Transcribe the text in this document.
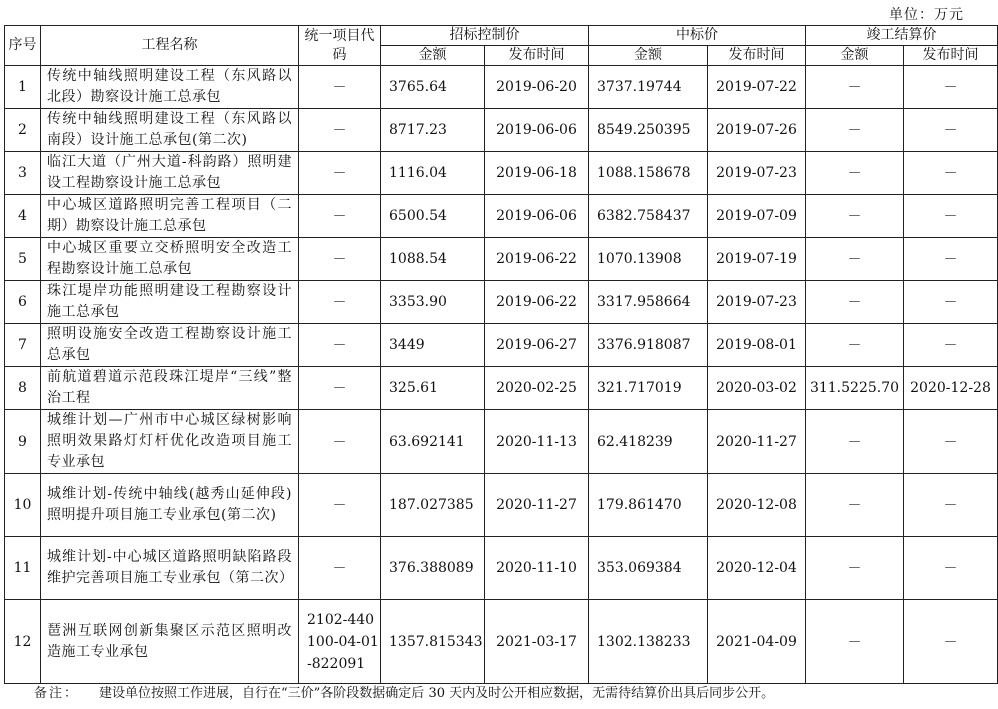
单位：万元
序号	工程名称	统一项目代码	招标控制价		中标价		竣工结算价	
			金额	发布时间	金额	发布时间	金额	发布时间
1	传统中轴线照明建设工程（东风路以北段）勘察设计施工总承包	－	3765.64	2019-06-20	3737.19744	2019-07-22	－	－
2	传统中轴线照明建设工程（东风路以南段）设计施工总承包(第二次)	－	8717.23	2019-06-06	8549.250395	2019-07-26	－	－
3	临江大道（广州大道-科韵路）照明建设工程勘察设计施工总承包	－	1116.04	2019-06-18	1088.158678	2019-07-23	－	－
4	中心城区道路照明完善工程项目（二期）勘察设计施工总承包	－	6500.54	2019-06-06	6382.758437	2019-07-09	－	－
5	中心城区重要立交桥照明安全改造工程勘察设计施工总承包	－	1088.54	2019-06-22	1070.13908	2019-07-19	－	－
6	珠江堤岸功能照明建设工程勘察设计施工总承包	－	3353.90	2019-06-22	3317.958664	2019-07-23	－	－
7	照明设施安全改造工程勘察设计施工总承包	－	3449	2019-06-27	3376.918087	2019-08-01	－	－
8	前航道碧道示范段珠江堤岸“三线”整治工程	－	325.61	2020-02-25	321.717019	2020-03-02	311.5225.70	2020-12-28
9	城维计划—广州市中心城区绿树影响照明效果路灯灯杆优化改造项目施工专业承包	－	63.692141	2020-11-13	62.418239	2020-11-27	－	－
10	城维计划-传统中轴线(越秀山延伸段)照明提升项目施工专业承包(第二次)	－	187.027385	2020-11-27	179.861470	2020-12-08	－	－
11	城维计划-中心城区道路照明缺陷路段维护完善项目施工专业承包（第二次）	－	376.388089	2020-11-10	353.069384	2020-12-04	－	－
12	琶洲互联网创新集聚区示范区照明改造施工专业承包	2102-440100-04-01-822091	1357.815343	2021-03-17	1302.138233	2021-04-09	－	－
备注： 建设单位按照工作进展，自行在“三价”各阶段数据确定后 30 天内及时公开相应数据，无需待结算价出具后同步公开。
